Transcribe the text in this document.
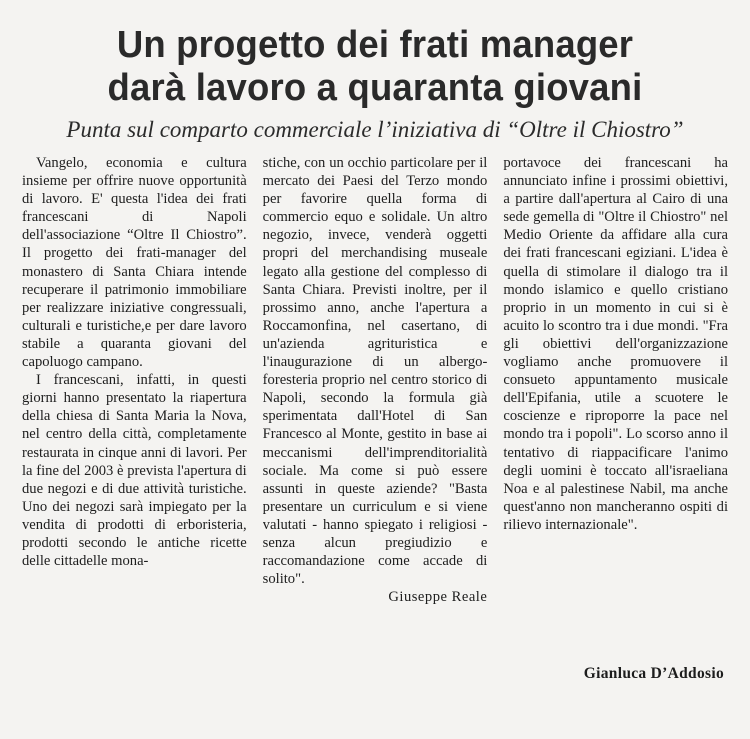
Un progetto dei frati manager
darà lavoro a quaranta giovani
Punta sul comparto commerciale l’iniziativa di “Oltre il Chiostro”

Vangelo, economia e cultura insieme per offrire nuove opportunità di lavoro. E' questa l'idea dei frati francescani di Napoli dell'associazione “Oltre Il Chiostro”. Il progetto dei frati-manager del monastero di Santa Chiara intende recuperare il patrimonio immobiliare per realizzare iniziative congressuali, culturali e turistiche,e per dare lavoro stabile a quaranta giovani del capoluogo campano.

I francescani, infatti, in questi giorni hanno presentato la riapertura della chiesa di Santa Maria la Nova, nel centro della città, completamente restaurata in cinque anni di lavori. Per la fine del 2003 è prevista l'apertura di due negozi e di due attività turistiche. Uno dei negozi sarà impiegato per la vendita di prodotti di erboristeria, prodotti secondo le antiche ricette delle cittadelle mona-

stiche, con un occhio particolare per il mercato dei Paesi del Terzo mondo per favorire quella forma di commercio equo e solidale. Un altro negozio, invece, venderà oggetti propri del merchandising museale legato alla gestione del complesso di Santa Chiara. Previsti inoltre, per il prossimo anno, anche l'apertura a Roccamonfina, nel casertano, di un'azienda agrituristica e l'inaugurazione di un albergo-foresteria proprio nel centro storico di Napoli, secondo la formula già sperimentata dall'Hotel di San Francesco al Monte, gestito in base ai meccanismi dell'imprenditorialità sociale. Ma come si può essere assunti in queste aziende? "Basta presentare un curriculum e si viene valutati - hanno spiegato i religiosi - senza alcun pregiudizio e raccomandazione come accade di solito".

Giuseppe Reale

portavoce dei francescani ha annunciato infine i prossimi obiettivi, a partire dall'apertura al Cairo di una sede gemella di "Oltre il Chiostro" nel Medio Oriente da affidare alla cura dei frati francescani egiziani. L'idea è quella di stimolare il dialogo tra il mondo islamico e quello cristiano proprio in un momento in cui si è acuito lo scontro tra i due mondi. "Fra gli obiettivi dell'organizzazione vogliamo anche promuovere il consueto appuntamento musicale dell'Epifania, utile a scuotere le coscienze e riproporre la pace nel mondo tra i popoli". Lo scorso anno il tentativo di riappacificare l'animo degli uomini è toccato all'israeliana Noa e al palestinese Nabil, ma anche quest'anno non mancheranno ospiti di rilievo internazionale".

Gianluca D’Addosio
